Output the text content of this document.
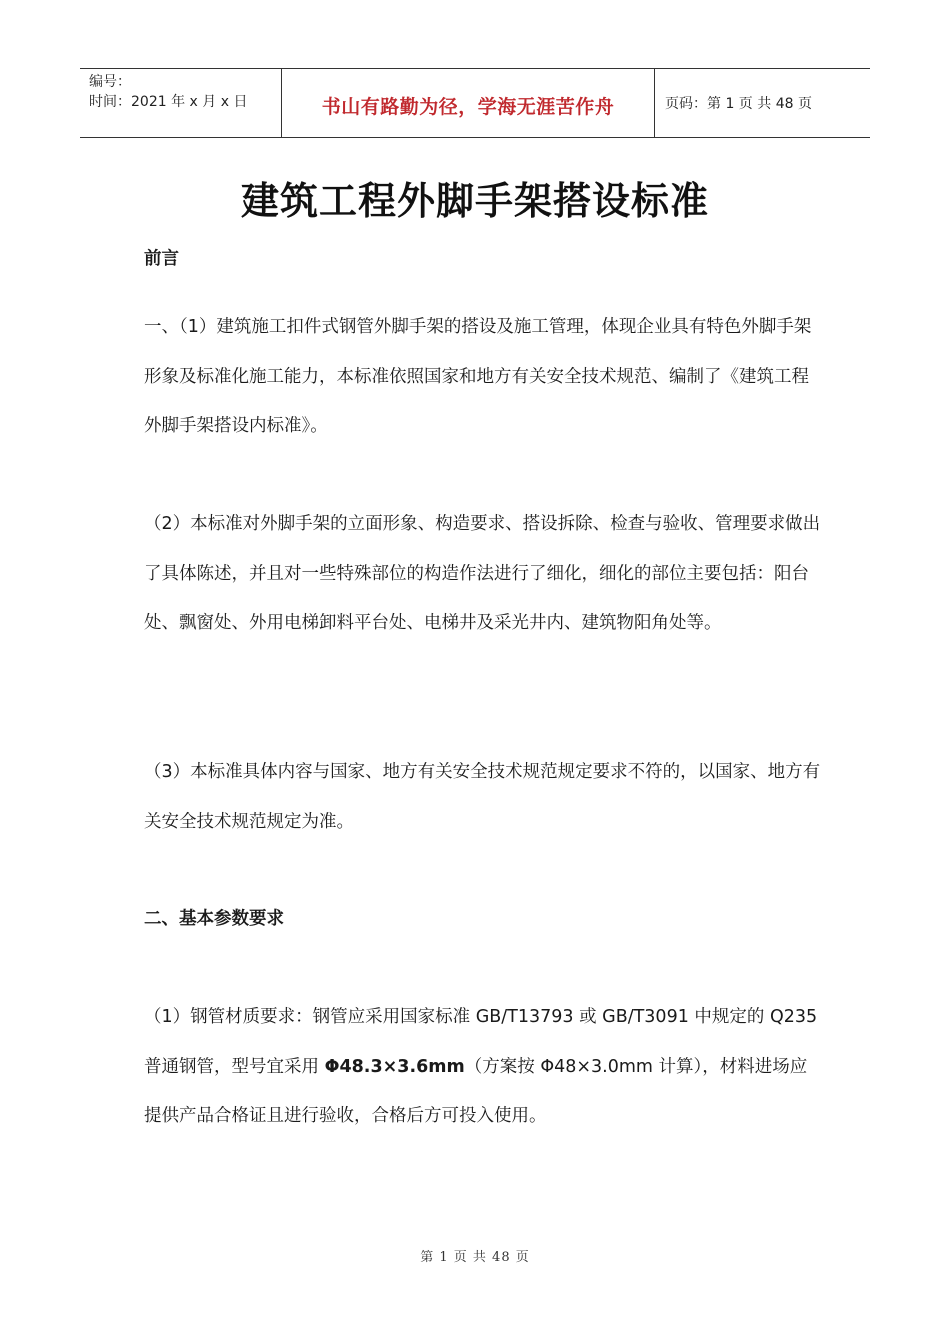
编号：
时间：2021 年 x 月 x 日	书山有路勤为径，学海无涯苦作舟	页码：第 1 页 共 48 页
建筑工程外脚手架搭设标准
前言
一、（1）建筑施工扣件式钢管外脚手架的搭设及施工管理，体现企业具有特色外脚手架形象及标准化施工能力，本标准依照国家和地方有关安全技术规范、编制了《建筑工程外脚手架搭设内标准》。
（2）本标准对外脚手架的立面形象、构造要求、搭设拆除、检查与验收、管理要求做出了具体陈述，并且对一些特殊部位的构造作法进行了细化，细化的部位主要包括：阳台处、飘窗处、外用电梯卸料平台处、电梯井及采光井内、建筑物阳角处等。
（3）本标准具体内容与国家、地方有关安全技术规范规定要求不符的，以国家、地方有关安全技术规范规定为准。
二、基本参数要求
（1）钢管材质要求：钢管应采用国家标准 GB/T13793 或 GB/T3091 中规定的 Q235 普通钢管，型号宜采用 Φ48.3×3.6mm（方案按 Φ48×3.0mm 计算），材料进场应提供产品合格证且进行验收，合格后方可投入使用。
第 1 页 共 48 页
